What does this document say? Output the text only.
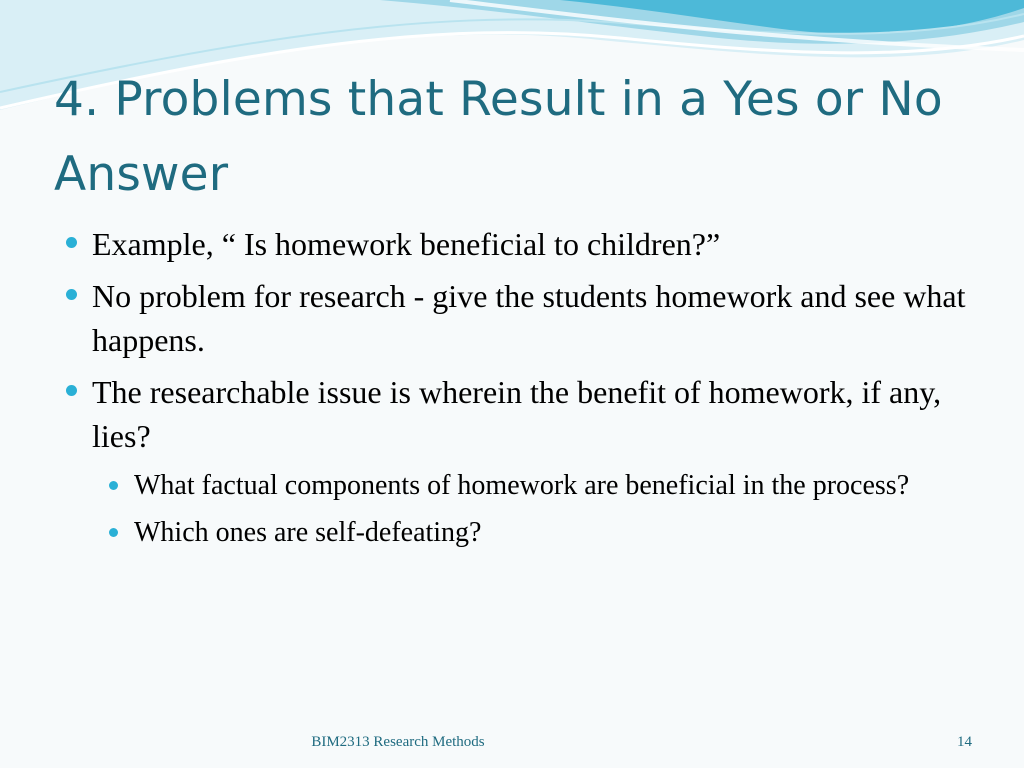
4. Problems that Result in a Yes or No Answer
Example, “ Is homework beneficial to children?”
No problem for research - give the students homework and see what happens.
The researchable issue is wherein the benefit of homework, if any, lies?
What factual components of homework are beneficial in the process?
Which ones are self-defeating?
BIM2313 Research Methods	14
